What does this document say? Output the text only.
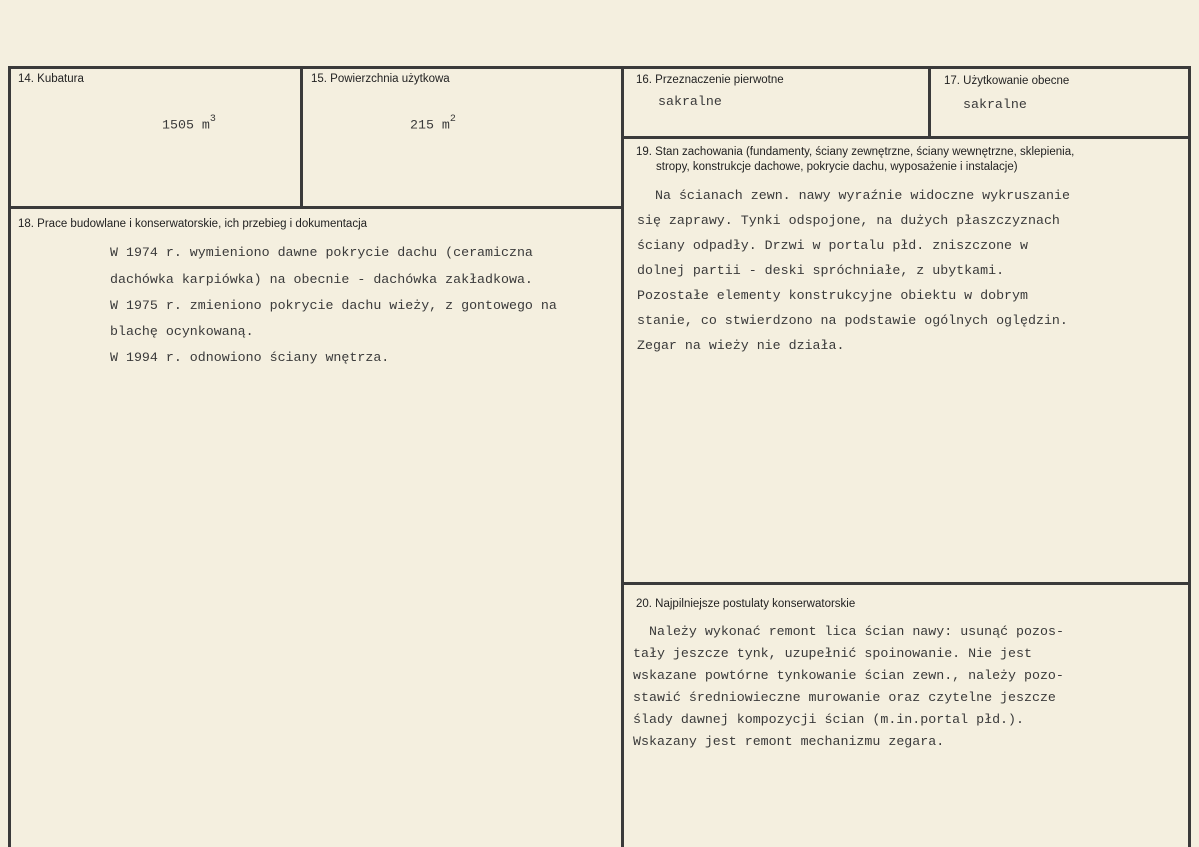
14. Kubatura
1505 $m^3$
15. Powierzchnia użytkowa
215 $m^2$
16. Przeznaczenie pierwotne
sakralne
17. Użytkowanie obecne
sakralne
18. Prace budowlane i konserwatorskie, ich przebieg i dokumentacja
W 1974 r. wymieniono dawne pokrycie dachu (ceramiczna
dachówka karpiówka) na obecnie - dachówka zakładkowa.
W 1975 r. zmieniono pokrycie dachu wieży, z gontowego na
blachę ocynkowaną.
W 1994 r. odnowiono ściany wnętrza.
19. Stan zachowania (fundamenty, ściany zewnętrzne, ściany wewnętrzne, sklepienia,
stropy, konstrukcje dachowe, pokrycie dachu, wyposażenie i instalacje)
Na ścianach zewn. nawy wyraźnie widoczne wykruszanie
się zaprawy. Tynki odspojone, na dużych płaszczyznach
ściany odpadły. Drzwi w portalu płd. zniszczone w
dolnej partii - deski spróchniałe, z ubytkami.
Pozostałe elementy konstrukcyjne obiektu w dobrym
stanie, co stwierdzono na podstawie ogólnych oględzin.
Zegar na wieży nie działa.
20. Najpilniejsze postulaty konserwatorskie
Należy wykonać remont lica ścian nawy: usunąć pozos-
tały jeszcze tynk, uzupełnić spoinowanie. Nie jest
wskazane powtórne tynkowanie ścian zewn., należy pozo-
stawić średniowieczne murowanie oraz czytelne jeszcze
ślady dawnej kompozycji ścian (m.in.portal płd.).
Wskazany jest remont mechanizmu zegara.
